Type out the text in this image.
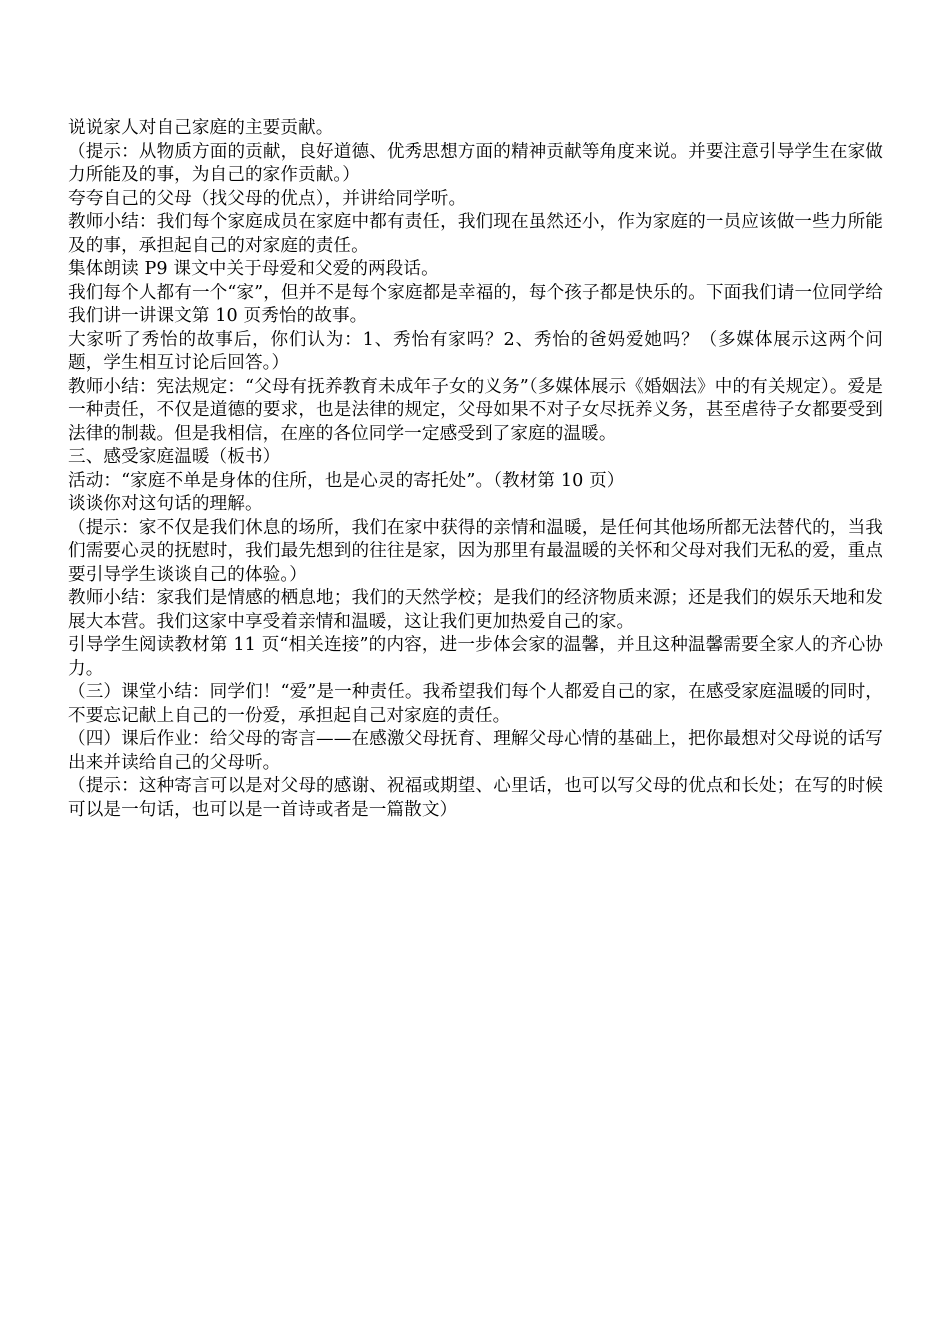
说说家人对自己家庭的主要贡献。

（提示：从物质方面的贡献，良好道德、优秀思想方面的精神贡献等角度来说。并要注意引导学生在家做力所能及的事，为自己的家作贡献。）

夸夸自己的父母（找父母的优点），并讲给同学听。

教师小结：我们每个家庭成员在家庭中都有责任，我们现在虽然还小，作为家庭的一员应该做一些力所能及的事，承担起自己的对家庭的责任。

集体朗读 P9 课文中关于母爱和父爱的两段话。

我们每个人都有一个“家”，但并不是每个家庭都是幸福的，每个孩子都是快乐的。下面我们请一位同学给我们讲一讲课文第 10 页秀怡的故事。

大家听了秀怡的故事后，你们认为：1、秀怡有家吗？2、秀怡的爸妈爱她吗？（多媒体展示这两个问题，学生相互讨论后回答。）

教师小结：宪法规定：“父母有抚养教育未成年子女的义务”（多媒体展示《婚姻法》中的有关规定）。爱是一种责任，不仅是道德的要求，也是法律的规定，父母如果不对子女尽抚养义务，甚至虐待子女都要受到法律的制裁。但是我相信，在座的各位同学一定感受到了家庭的温暖。

三、感受家庭温暖（板书）

活动：“家庭不单是身体的住所，也是心灵的寄托处”。（教材第 10 页）

谈谈你对这句话的理解。

（提示：家不仅是我们休息的场所，我们在家中获得的亲情和温暖，是任何其他场所都无法替代的，当我们需要心灵的抚慰时，我们最先想到的往往是家，因为那里有最温暖的关怀和父母对我们无私的爱，重点要引导学生谈谈自己的体验。）

教师小结：家我们是情感的栖息地；我们的天然学校；是我们的经济物质来源；还是我们的娱乐天地和发展大本营。我们这家中享受着亲情和温暖，这让我们更加热爱自己的家。

引导学生阅读教材第 11 页“相关连接”的内容，进一步体会家的温馨，并且这种温馨需要全家人的齐心协力。

（三）课堂小结：同学们！“爱”是一种责任。我希望我们每个人都爱自己的家，在感受家庭温暖的同时，不要忘记献上自己的一份爱，承担起自己对家庭的责任。

（四）课后作业：给父母的寄言——在感激父母抚育、理解父母心情的基础上，把你最想对父母说的话写出来并读给自己的父母听。

（提示：这种寄言可以是对父母的感谢、祝福或期望、心里话，也可以写父母的优点和长处；在写的时候可以是一句话，也可以是一首诗或者是一篇散文）
